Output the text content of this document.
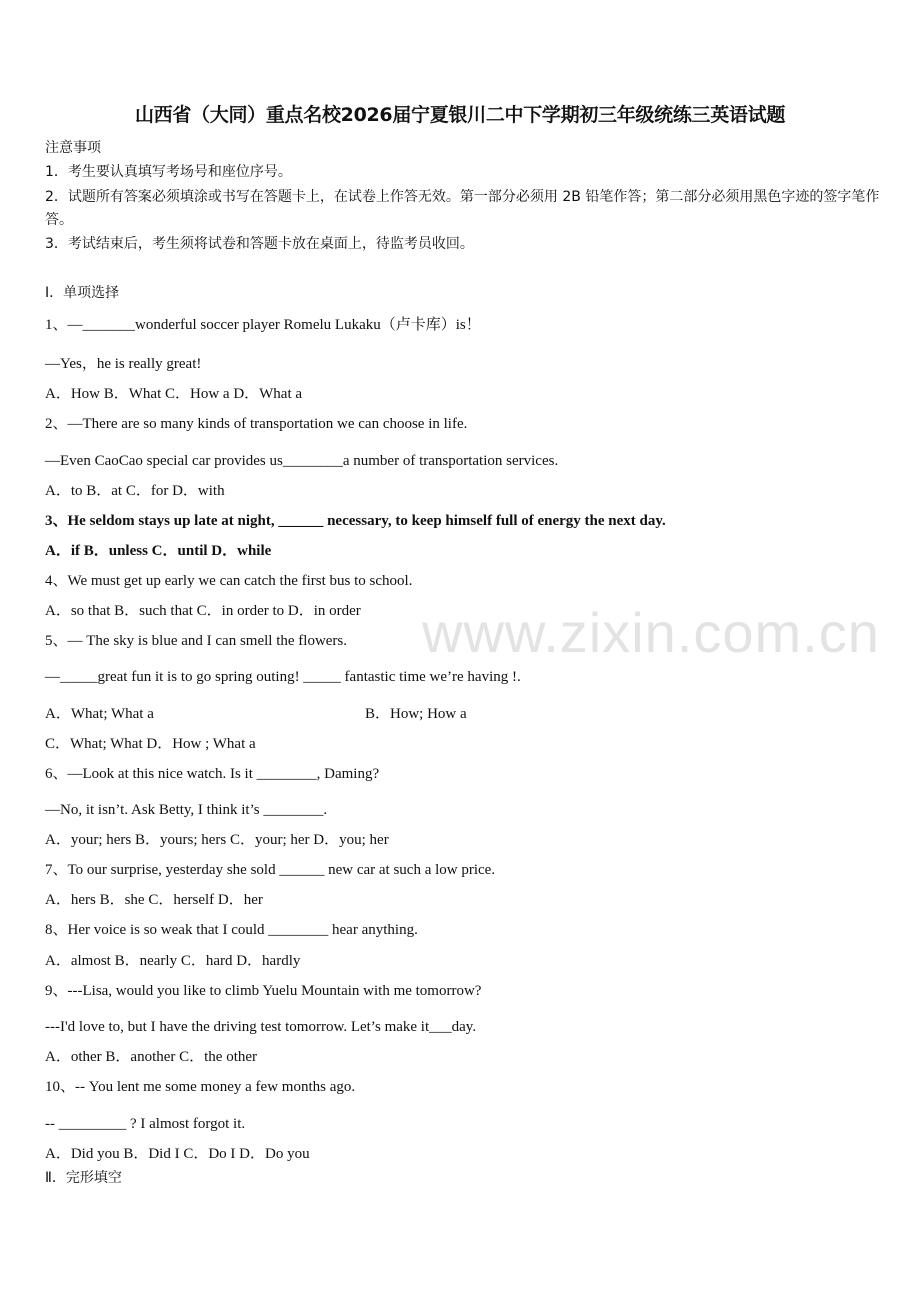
www.zixin.com.cn
山西省（大同）重点名校2026届宁夏银川二中下学期初三年级统练三英语试题
注意事项
1．考生要认真填写考场号和座位序号。
2．试题所有答案必须填涂或书写在答题卡上，在试卷上作答无效。第一部分必须用 2B 铅笔作答；第二部分必须用黑色字迹的签字笔作答。
3．考试结束后，考生须将试卷和答题卡放在桌面上，待监考员收回。
Ⅰ．单项选择
1、—_______wonderful soccer player Romelu Lukaku（卢卡库）is！
—Yes，he is really great!
A．How B．What C．How a D．What a
2、—There are so many kinds of transportation we can choose in life.
—Even CaoCao special car provides us________a number of transportation services.
A．to B．at C．for D．with
3、He seldom stays up late at night, ______ necessary, to keep himself full of energy the next day.
A．if B．unless C．until D．while
4、We must get up early we can catch the first bus to school.
A．so that B．such that C．in order to D．in order
5、— The sky is blue and I can smell the flowers.
—_____great fun it is to go spring outing! _____ fantastic time we’re having !.
A．What; What a	B．How; How a
C．What; What D．How ; What a
6、—Look at this nice watch. Is it ________, Daming?
—No, it isn’t. Ask Betty, I think it’s ________.
A．your; hers B．yours; hers C．your; her D．you; her
7、To our surprise, yesterday she sold ______ new car at such a low price.
A．hers B．she C．herself D．her
8、Her voice is so weak that I could ________ hear anything.
A．almost B．nearly C．hard D．hardly
9、---Lisa, would you like to climb Yuelu Mountain with me tomorrow?
---I'd love to, but I have the driving test tomorrow. Let’s make it___day.
A．other B．another C．the other
10、-- You lent me some money a few months ago.
-- _________ ? I almost forgot it.
A．Did you B．Did I C．Do I D．Do you
Ⅱ．完形填空
